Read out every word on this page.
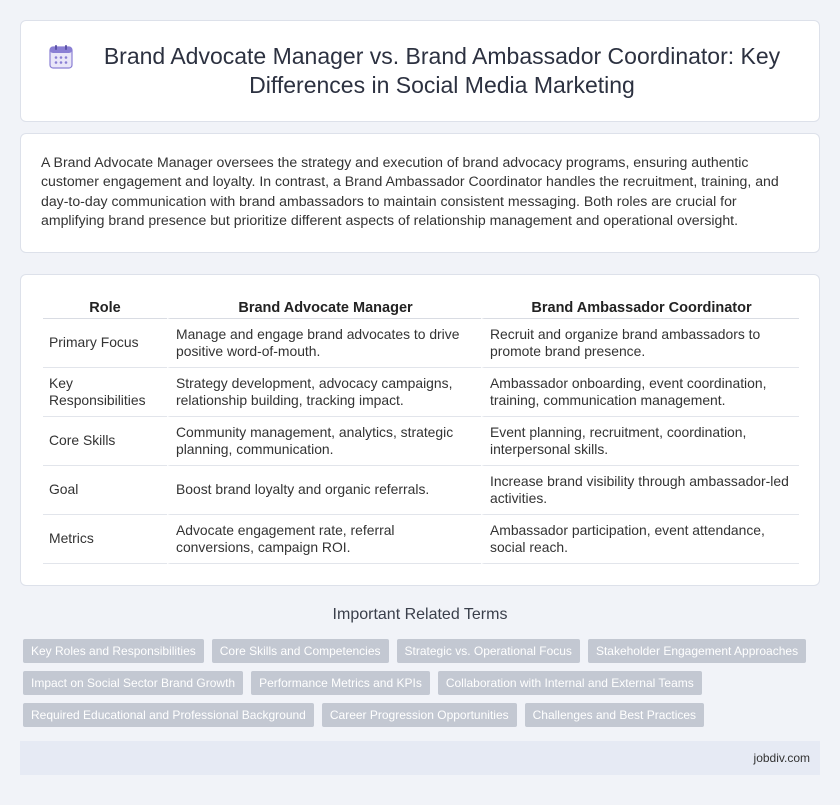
Brand Advocate Manager vs. Brand Ambassador Coordinator: Key Differences in Social Media Marketing

A Brand Advocate Manager oversees the strategy and execution of brand advocacy programs, ensuring authentic customer engagement and loyalty. In contrast, a Brand Ambassador Coordinator handles the recruitment, training, and day-to-day communication with brand ambassadors to maintain consistent messaging. Both roles are crucial for amplifying brand presence but prioritize different aspects of relationship management and operational oversight.

Role	Brand Advocate Manager	Brand Ambassador Coordinator
Primary Focus	Manage and engage brand advocates to drive positive word-of-mouth.	Recruit and organize brand ambassadors to promote brand presence.
Key Responsibilities	Strategy development, advocacy campaigns, relationship building, tracking impact.	Ambassador onboarding, event coordination, training, communication management.
Core Skills	Community management, analytics, strategic planning, communication.	Event planning, recruitment, coordination, interpersonal skills.
Goal	Boost brand loyalty and organic referrals.	Increase brand visibility through ambassador-led activities.
Metrics	Advocate engagement rate, referral conversions, campaign ROI.	Ambassador participation, event attendance, social reach.
Important Related Terms
Key Roles and Responsibilities	Core Skills and Competencies	Strategic vs. Operational Focus	Stakeholder Engagement Approaches
Impact on Social Sector Brand Growth	Performance Metrics and KPIs	Collaboration with Internal and External Teams
Required Educational and Professional Background	Career Progression Opportunities	Challenges and Best Practices
jobdiv.com
